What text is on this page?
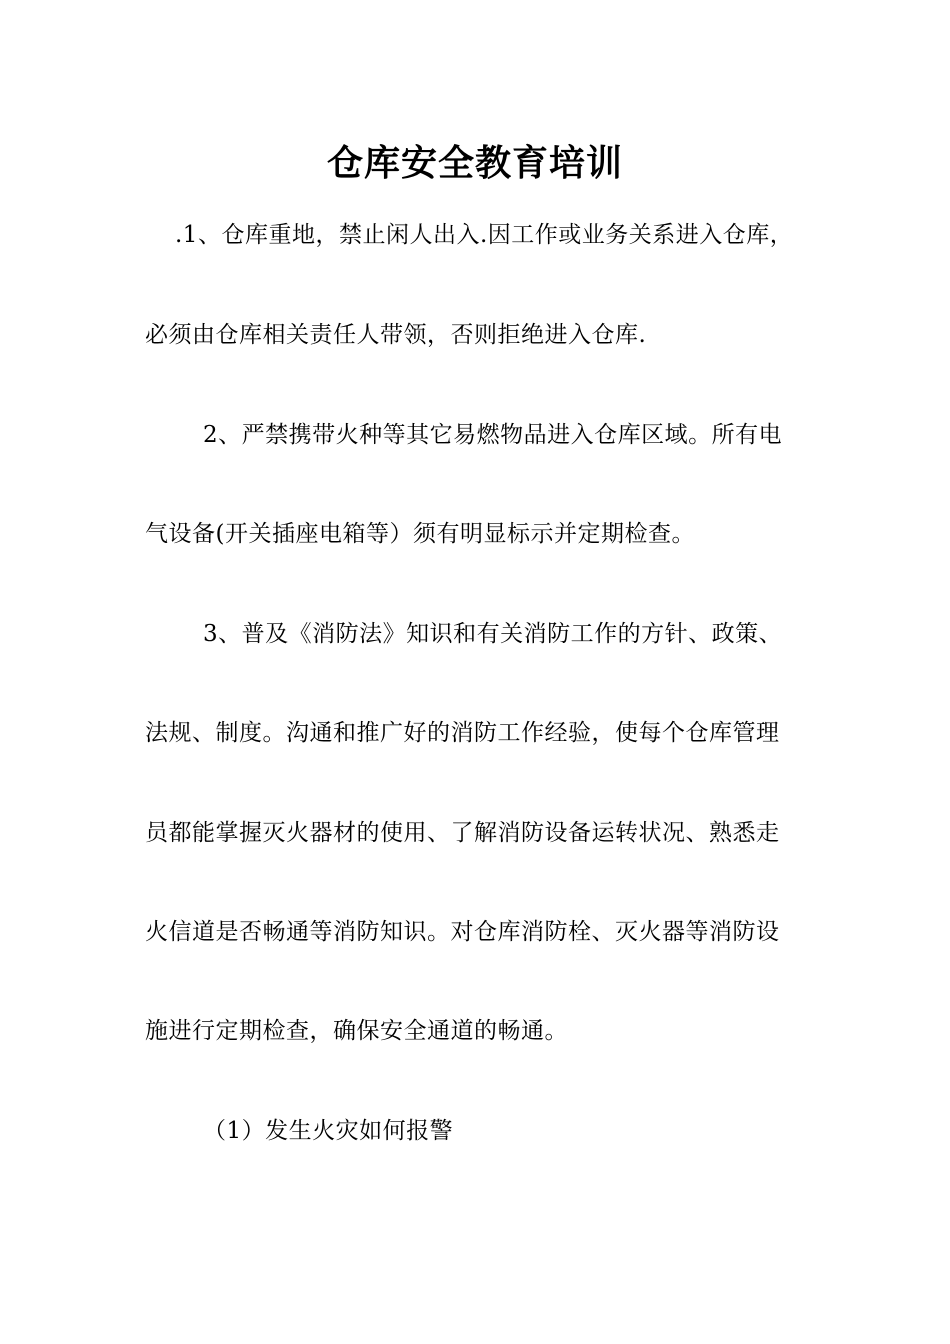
仓库安全教育培训
.1、仓库重地，禁止闲人出入.因工作或业务关系进入仓库，
必须由仓库相关责任人带领，否则拒绝进入仓库.
2、严禁携带火种等其它易燃物品进入仓库区域。所有电
气设备(开关插座电箱等）须有明显标示并定期检查。
3、普及《消防法》知识和有关消防工作的方针、政策、
法规、制度。沟通和推广好的消防工作经验，使每个仓库管理
员都能掌握灭火器材的使用、了解消防设备运转状况、熟悉走
火信道是否畅通等消防知识。对仓库消防栓、灭火器等消防设
施进行定期检查，确保安全通道的畅通。
（1）发生火灾如何报警
